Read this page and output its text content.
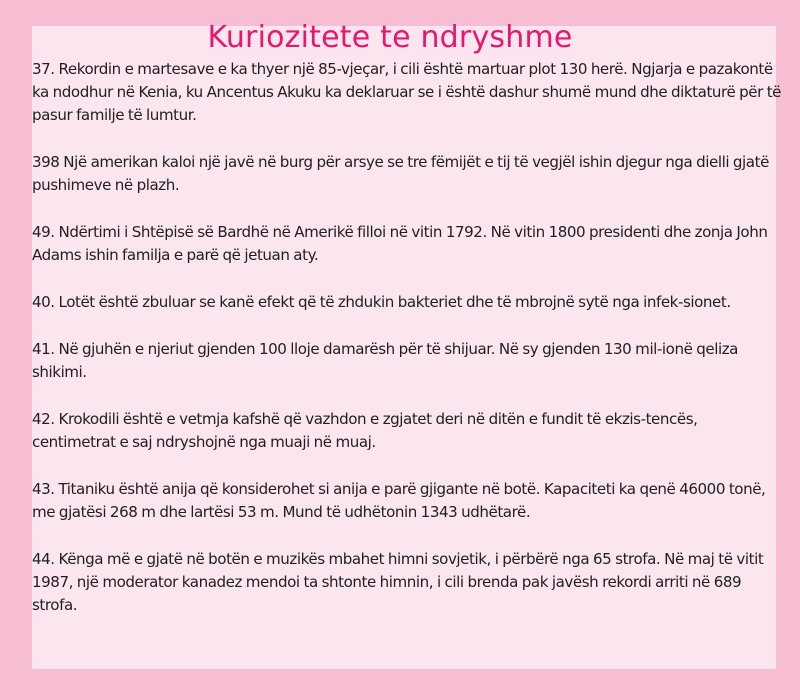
Kuriozitete te ndryshme

37. Rekordin e martesave e ka thyer një 85-vjeçar, i cili është martuar plot 130 herë. Ngjarja e pazakontë ka ndodhur në Kenia, ku Ancentus Akuku ka deklaruar se i është dashur shumë mund dhe diktaturë për të pasur familje të lumtur.

398 Një amerikan kaloi një javë në burg për arsye se tre fëmijët e tij të vegjël ishin djegur nga dielli gjatë pushimeve në plazh.

49. Ndërtimi i Shtëpisë së Bardhë në Amerikë filloi në vitin 1792. Në vitin 1800 presidenti dhe zonja John Adams ishin familja e parë që jetuan aty.

40. Lotët është zbuluar se kanë efekt që të zhdukin bakteriet dhe të mbrojnë sytë nga infek-sionet.

41. Në gjuhën e njeriut gjenden 100 lloje damarësh për të shijuar. Në sy gjenden 130 mil-ionë qeliza shikimi.

42. Krokodili është e vetmja kafshë që vazhdon e zgjatet deri në ditën e fundit të ekzis-tencës, centimetrat e saj ndryshojnë nga muaji në muaj.

43. Titaniku është anija që konsiderohet si anija e parë gjigante në botë. Kapaciteti ka qenë 46000 tonë, me gjatësi 268 m dhe lartësi 53 m. Mund të udhëtonin 1343 udhëtarë.

44. Kënga më e gjatë në botën e muzikës mbahet himni sovjetik, i përbërë nga 65 strofa. Në maj të vitit 1987, një moderator kanadez mendoi ta shtonte himnin, i cili brenda pak javësh rekordi arriti në 689 strofa.
